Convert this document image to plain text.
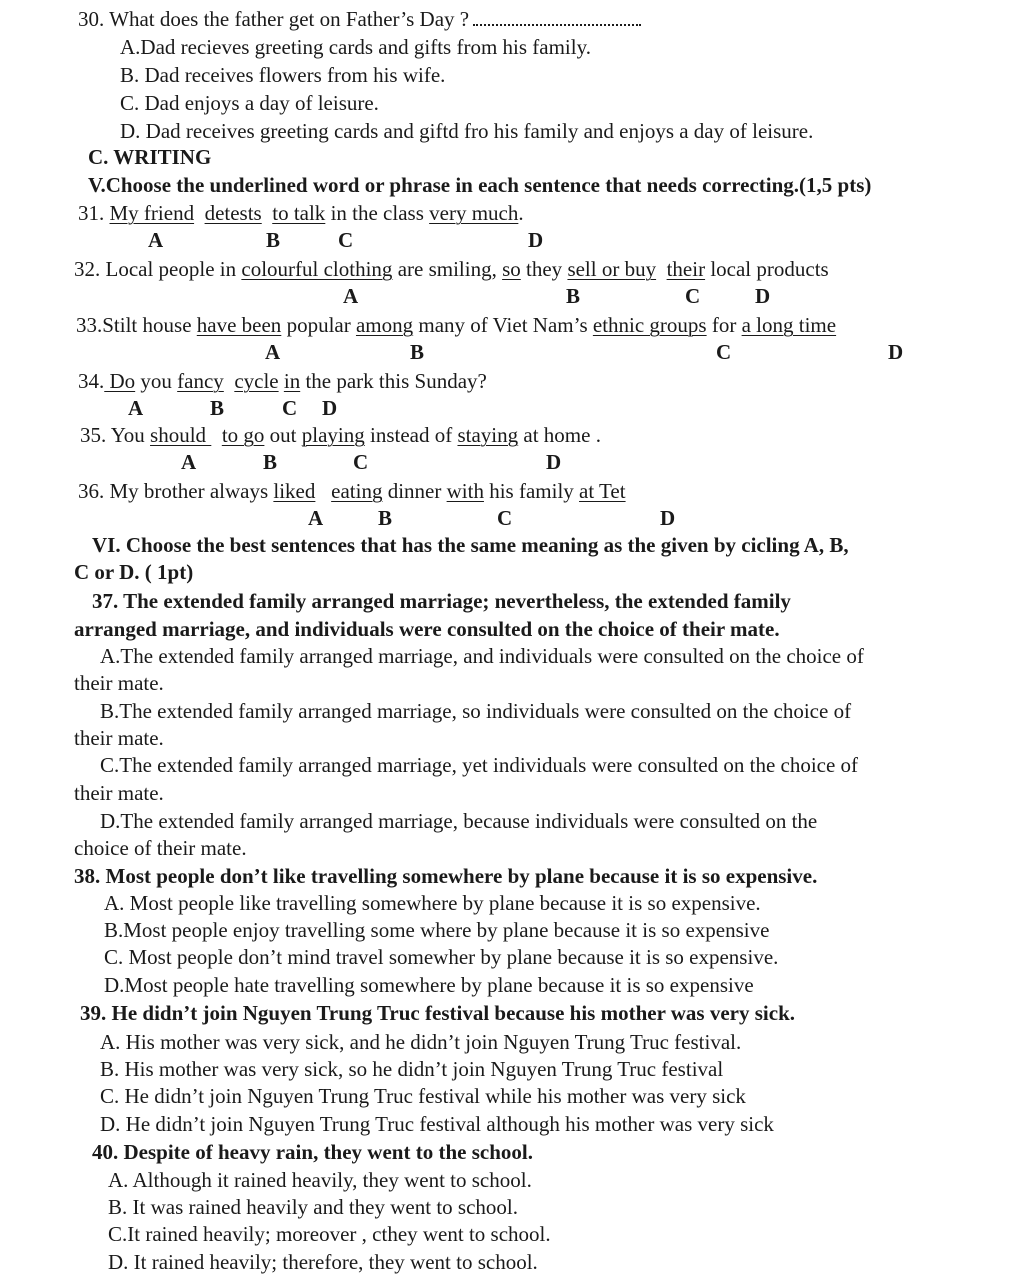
30. What does the father get on Father’s Day ?
A.Dad recieves greeting cards and gifts from his family.
B. Dad receives flowers from his wife.
C. Dad enjoys a day of leisure.
D. Dad receives greeting cards and giftd fro his family and enjoys a day of leisure.
C. WRITING
V.Choose the underlined word or phrase in each sentence that needs correcting.(1,5 pts)
31. My friend detests to talk in the class very much.
A	B	C	D
32. Local people in colourful clothing are smiling, so they sell or buy their local products
A	B	C	D
33.Stilt house have been popular among many of Viet Nam’s ethnic groups for a long time
A	B	C	D
34. Do you fancy cycle in the park this Sunday?
A	B	C D
35. You should   to go out playing instead of staying at home .
A	B	C	D
36. My brother always liked eating dinner with his family at Tet
A	B	C	D
VI. Choose the best sentences that has the same meaning as the given by cicling A, B,
C or D. ( 1pt)
37. The extended family arranged marriage; nevertheless, the extended family
arranged marriage, and individuals were consulted on the choice of their mate.
A.The extended family arranged marriage, and individuals were consulted on the choice of
their mate.
B.The extended family arranged marriage, so individuals were consulted on the choice of
their mate.
C.The extended family arranged marriage, yet individuals were consulted on the choice of
their mate.
D.The extended family arranged marriage, because individuals were consulted on the
choice of their mate.
38. Most people don’t like travelling somewhere by plane because it is so expensive.
A. Most people like travelling somewhere by plane because it is so expensive.
B.Most people enjoy travelling some where by plane because it is so expensive
C. Most people don’t mind travel somewher by plane because it is so expensive.
D.Most people hate travelling somewhere by plane because it is so expensive
39. He didn’t join Nguyen Trung Truc festival because his mother was very sick.
A. His mother was very sick, and he didn’t join Nguyen Trung Truc festival.
B. His mother was very sick, so he didn’t join Nguyen Trung Truc festival
C. He didn’t join Nguyen Trung Truc festival while his mother was very sick
D. He didn’t join Nguyen Trung Truc festival although his mother was very sick
40. Despite of heavy rain, they went to the school.
A. Although it rained heavily, they went to school.
B. It was rained heavily and they went to school.
C.It rained heavily; moreover , cthey went to school.
D. It rained heavily; therefore, they went to school.
